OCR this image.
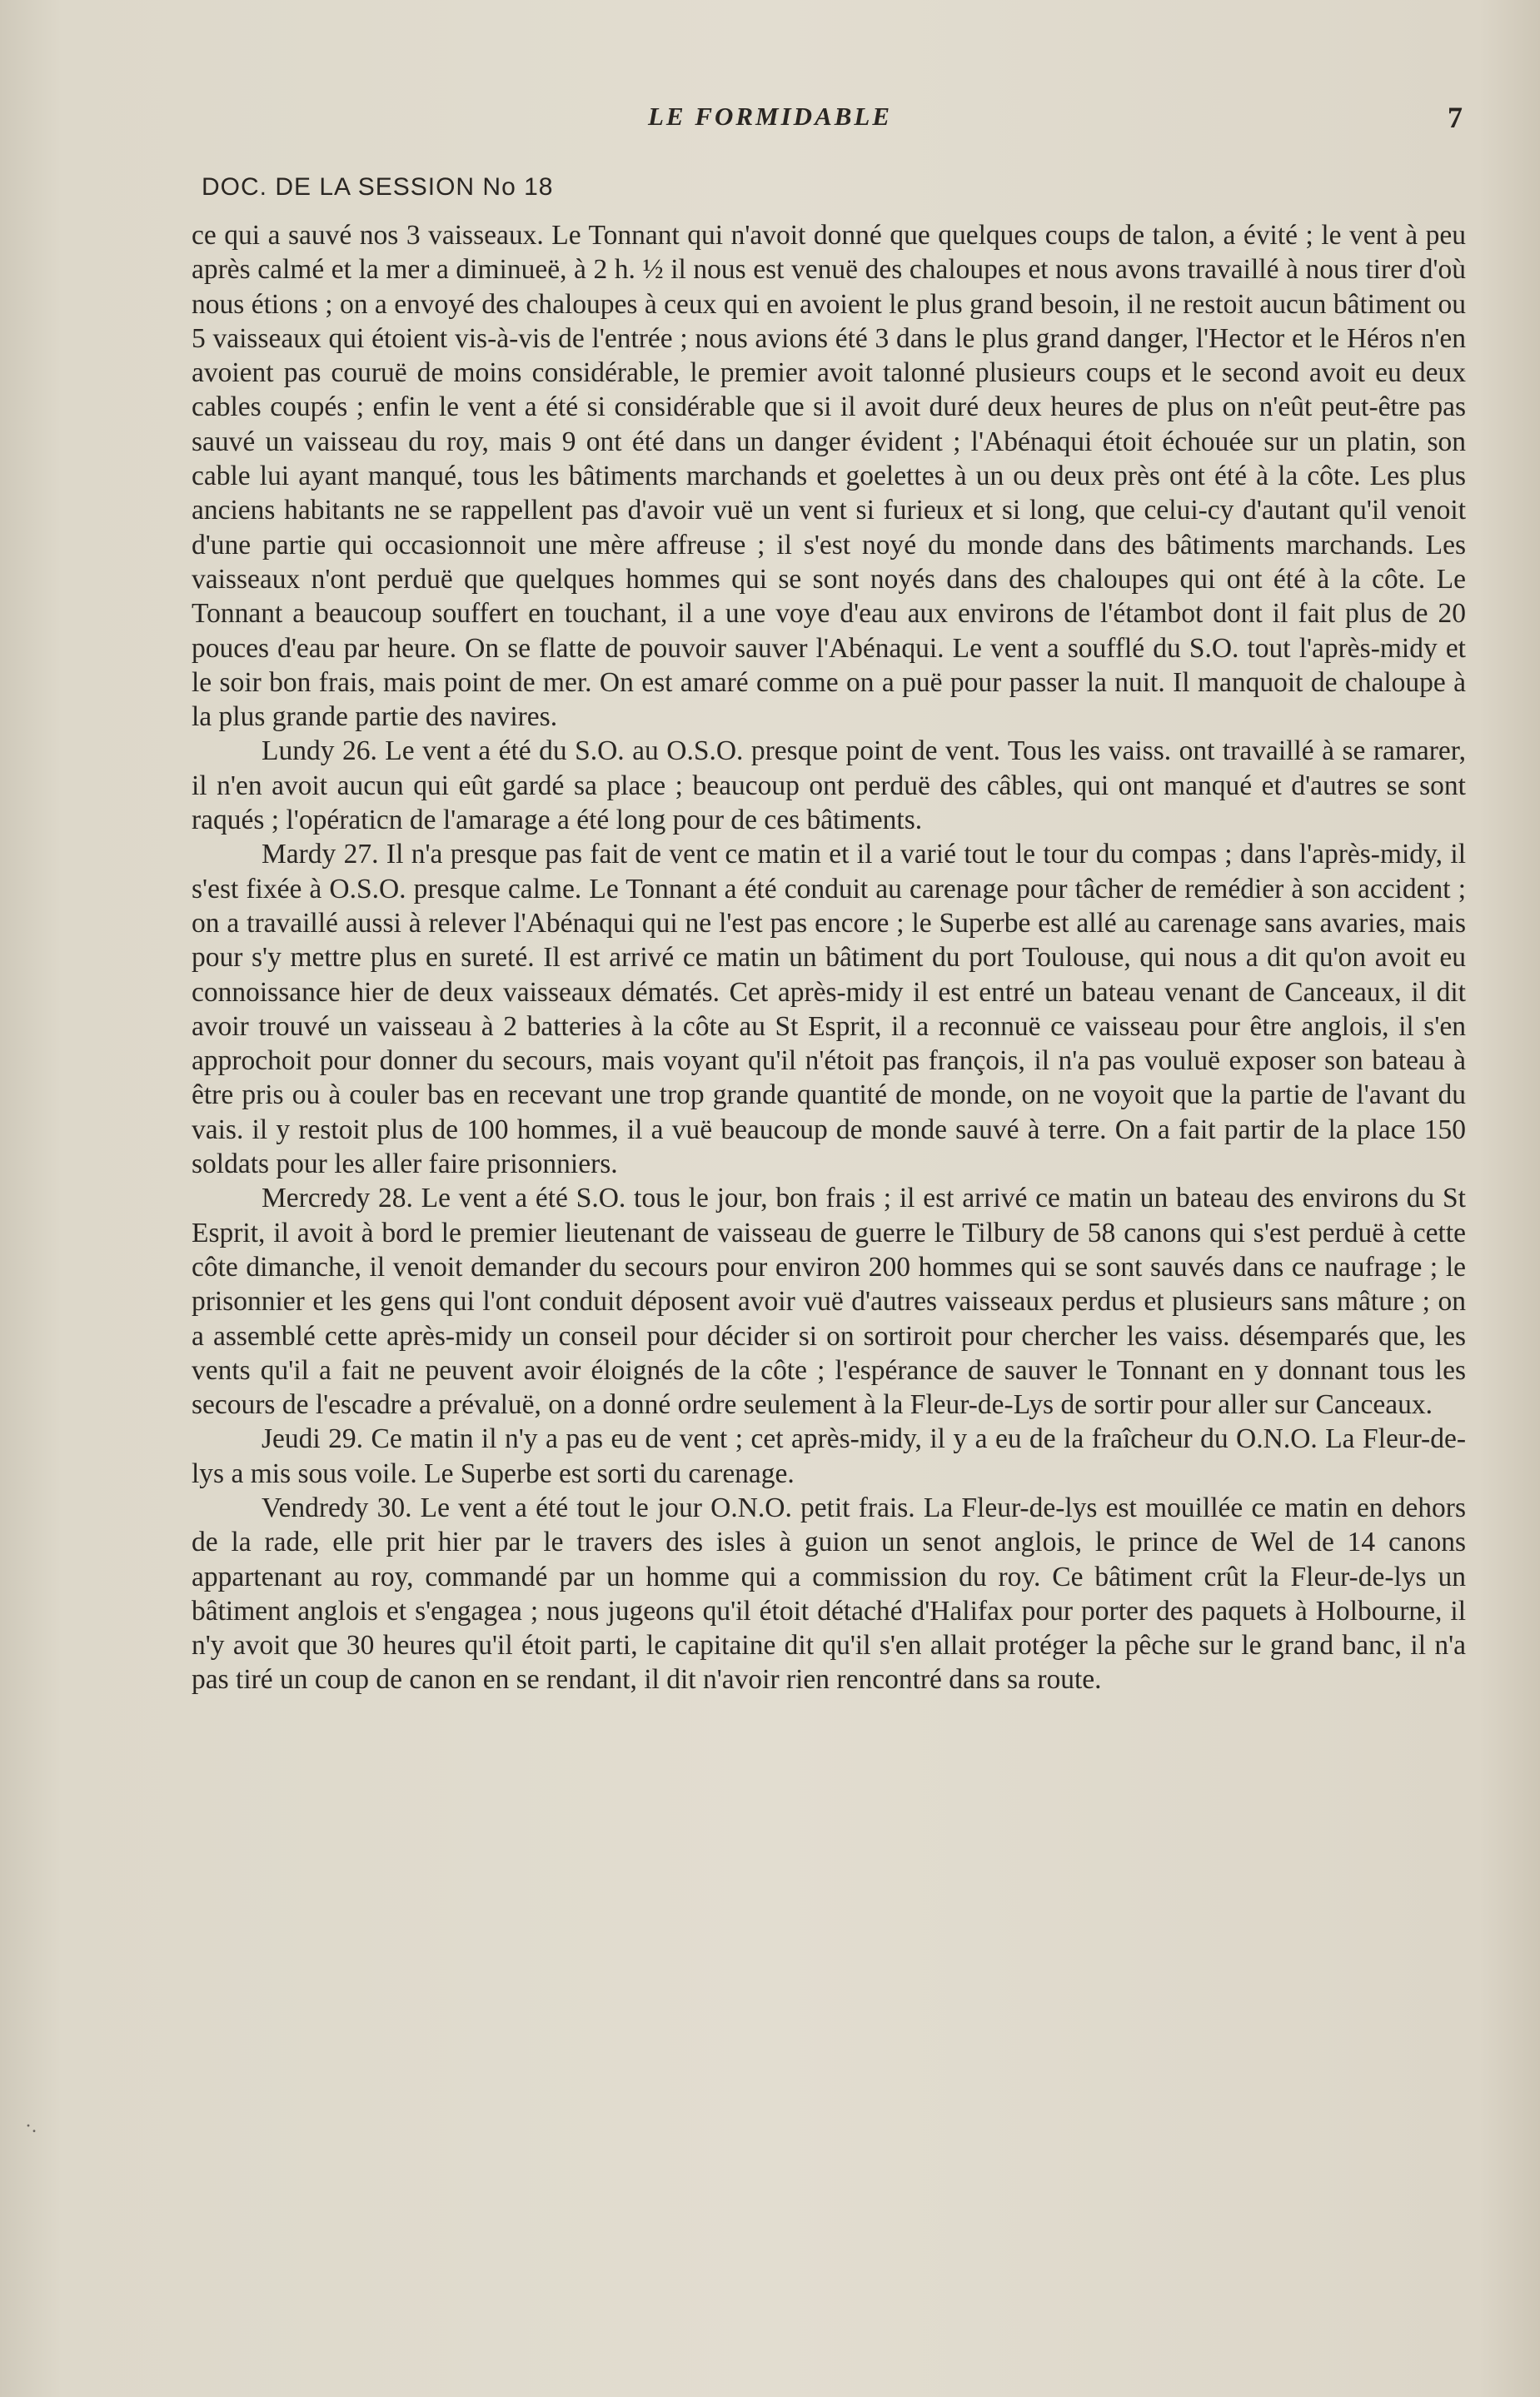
LE FORMIDABLE	7
DOC. DE LA SESSION No 18
·.

ce qui a sauvé nos 3 vaisseaux. Le Tonnant qui n'avoit donné que quelques coups de talon, a évité ; le vent à peu après calmé et la mer a diminueë, à 2 h. ½ il nous est venuë des chaloupes et nous avons travaillé à nous tirer d'où nous étions ; on a envoyé des chaloupes à ceux qui en avoient le plus grand besoin, il ne restoit aucun bâtiment ou 5 vaisseaux qui étoient vis-à-vis de l'entrée ; nous avions été 3 dans le plus grand danger, l'Hector et le Héros n'en avoient pas couruë de moins considérable, le premier avoit talonné plusieurs coups et le second avoit eu deux cables coupés ; enfin le vent a été si considérable que si il avoit duré deux heures de plus on n'eût peut-être pas sauvé un vaisseau du roy, mais 9 ont été dans un danger évident ; l'Abénaqui étoit échouée sur un platin, son cable lui ayant manqué, tous les bâtiments marchands et goelettes à un ou deux près ont été à la côte. Les plus anciens habitants ne se rappellent pas d'avoir vuë un vent si furieux et si long, que celui-cy d'autant qu'il venoit d'une partie qui occasionnoit une mère affreuse ; il s'est noyé du monde dans des bâtiments marchands. Les vaisseaux n'ont perduë que quelques hommes qui se sont noyés dans des chaloupes qui ont été à la côte. Le Tonnant a beaucoup souffert en touchant, il a une voye d'eau aux environs de l'étambot dont il fait plus de 20 pouces d'eau par heure. On se flatte de pouvoir sauver l'Abénaqui. Le vent a soufflé du S.O. tout l'après-midy et le soir bon frais, mais point de mer. On est amaré comme on a puë pour passer la nuit. Il manquoit de chaloupe à la plus grande partie des navires.

Lundy 26. Le vent a été du S.O. au O.S.O. presque point de vent. Tous les vaiss. ont travaillé à se ramarer, il n'en avoit aucun qui eût gardé sa place ; beaucoup ont perduë des câbles, qui ont manqué et d'autres se sont raqués ; l'opératicn de l'amarage a été long pour de ces bâtiments.

Mardy 27. Il n'a presque pas fait de vent ce matin et il a varié tout le tour du compas ; dans l'après-midy, il s'est fixée à O.S.O. presque calme. Le Tonnant a été conduit au carenage pour tâcher de remédier à son accident ; on a travaillé aussi à relever l'Abénaqui qui ne l'est pas encore ; le Superbe est allé au carenage sans avaries, mais pour s'y mettre plus en sureté. Il est arrivé ce matin un bâtiment du port Toulouse, qui nous a dit qu'on avoit eu connoissance hier de deux vaisseaux dématés. Cet après-midy il est entré un bateau venant de Canceaux, il dit avoir trouvé un vaisseau à 2 batteries à la côte au St Esprit, il a reconnuë ce vaisseau pour être anglois, il s'en approchoit pour donner du secours, mais voyant qu'il n'étoit pas françois, il n'a pas vouluë exposer son bateau à être pris ou à couler bas en recevant une trop grande quantité de monde, on ne voyoit que la partie de l'avant du vais. il y restoit plus de 100 hommes, il a vuë beaucoup de monde sauvé à terre. On a fait partir de la place 150 soldats pour les aller faire prisonniers.

Mercredy 28. Le vent a été S.O. tous le jour, bon frais ; il est arrivé ce matin un bateau des environs du St Esprit, il avoit à bord le premier lieutenant de vaisseau de guerre le Tilbury de 58 canons qui s'est perduë à cette côte dimanche, il venoit demander du secours pour environ 200 hommes qui se sont sauvés dans ce naufrage ; le prisonnier et les gens qui l'ont conduit déposent avoir vuë d'autres vaisseaux perdus et plusieurs sans mâture ; on a assemblé cette après-midy un conseil pour décider si on sortiroit pour chercher les vaiss. désemparés que, les vents qu'il a fait ne peuvent avoir éloignés de la côte ; l'espérance de sauver le Tonnant en y donnant tous les secours de l'escadre a prévaluë, on a donné ordre seulement à la Fleur-de-Lys de sortir pour aller sur Canceaux.

Jeudi 29. Ce matin il n'y a pas eu de vent ; cet après-midy, il y a eu de la fraîcheur du O.N.O. La Fleur-de-lys a mis sous voile. Le Superbe est sorti du carenage.

Vendredy 30. Le vent a été tout le jour O.N.O. petit frais. La Fleur-de-lys est mouillée ce matin en dehors de la rade, elle prit hier par le travers des isles à guion un senot anglois, le prince de Wel de 14 canons appartenant au roy, commandé par un homme qui a commission du roy. Ce bâtiment crût la Fleur-de-lys un bâtiment anglois et s'engagea ; nous jugeons qu'il étoit détaché d'Halifax pour porter des paquets à Holbourne, il n'y avoit que 30 heures qu'il étoit parti, le capitaine dit qu'il s'en allait protéger la pêche sur le grand banc, il n'a pas tiré un coup de canon en se rendant, il dit n'avoir rien rencontré dans sa route.
